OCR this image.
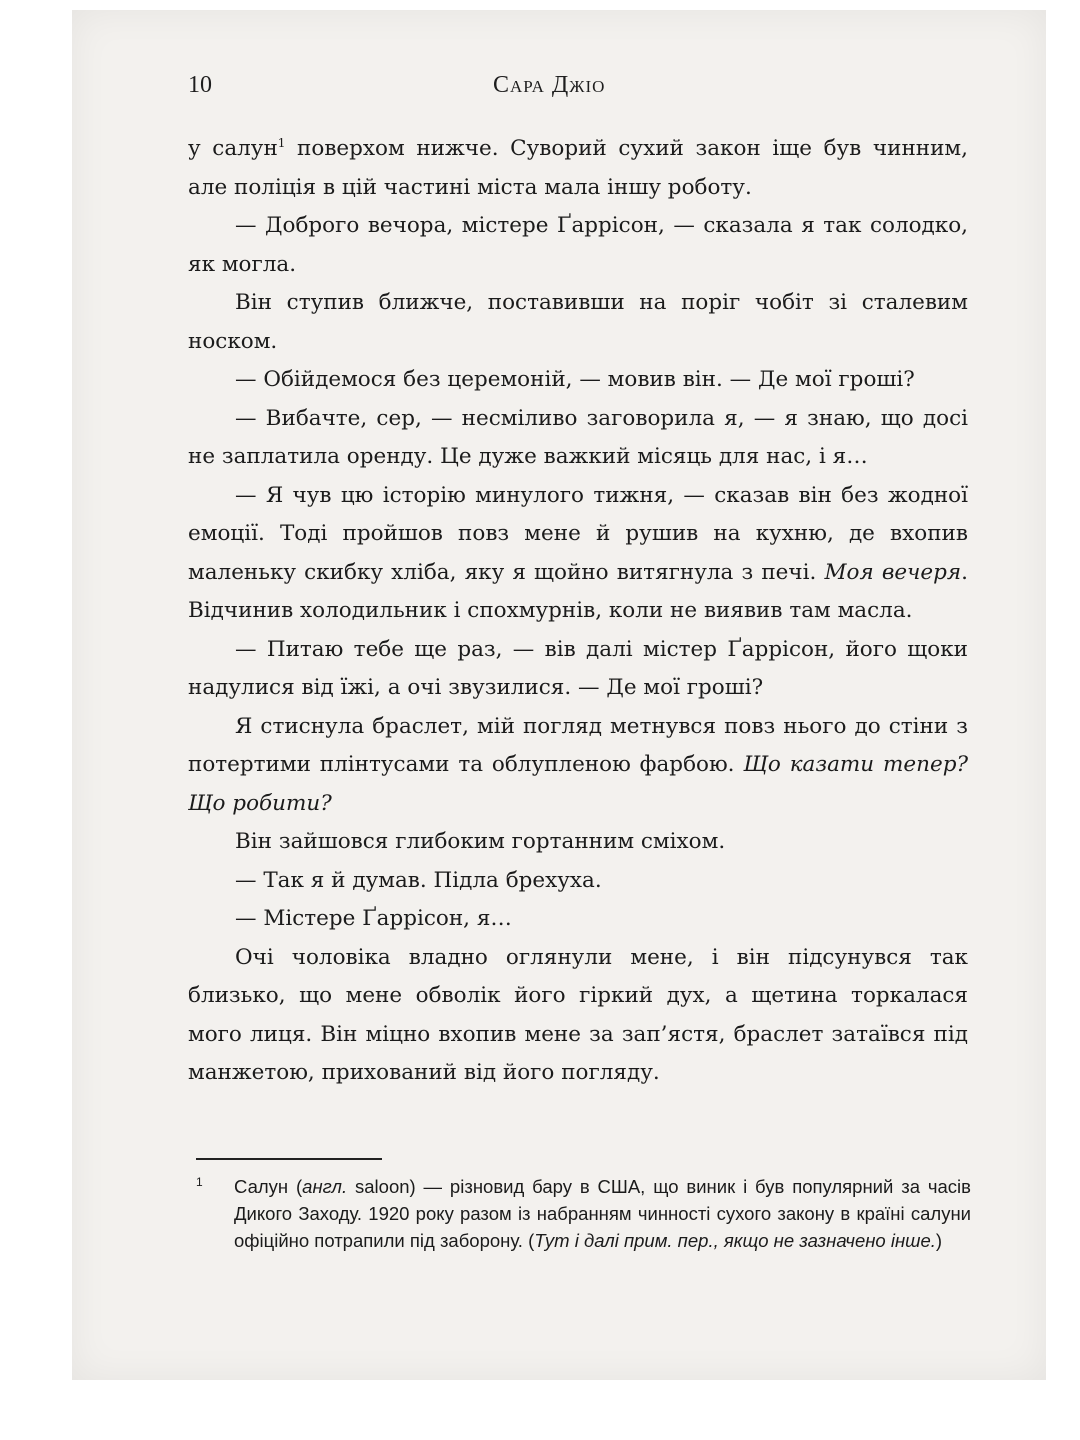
10	Сара Джіо

у салун$^1$ поверхом нижче. Суворий сухий закон іще був чинним, але поліція в цій частині міста мала іншу роботу.

— Доброго вечора, містере Ґаррісон, — сказала я так солодко, як могла.

Він ступив ближче, поставивши на поріг чобіт зі сталевим носком.

— Обійдемося без церемоній, — мовив він. — Де мої гроші?

— Вибачте, сер, — несміливо заговорила я, — я знаю, що досі не заплатила оренду. Це дуже важкий місяць для нас, і я…

— Я чув цю історію минулого тижня, — сказав він без жодної емоції. Тоді пройшов повз мене й рушив на кухню, де вхопив маленьку скибку хліба, яку я щойно витягнула з печі. Моя вечеря. Відчинив холодильник і спохмурнів, коли не виявив там масла.

— Питаю тебе ще раз, — вів далі містер Ґаррісон, його щоки надулися від їжі, а очі звузилися. — Де мої гроші?

Я стиснула браслет, мій погляд метнувся повз нього до стіни з потертими плінтусами та облупленою фарбою. Що казати тепер? Що робити?

Він зайшовся глибоким гортанним сміхом.

— Так я й думав. Підла брехуха.

— Містере Ґаррісон, я…

Очі чоловіка владно оглянули мене, і він підсунувся так близько, що мене обволік його гіркий дух, а щетина торкалася мого лиця. Він міцно вхопив мене за зап’ястя, браслет затаївся під манжетою, прихований від його погляду.

1 Салун (англ. saloon) — різновид бару в США, що виник і був популярний за часів Дикого Заходу. 1920 року разом із набранням чинності сухого закону в країні салуни офіційно потрапили під заборону. (Тут і далі прим. пер., якщо не зазначено інше.)
